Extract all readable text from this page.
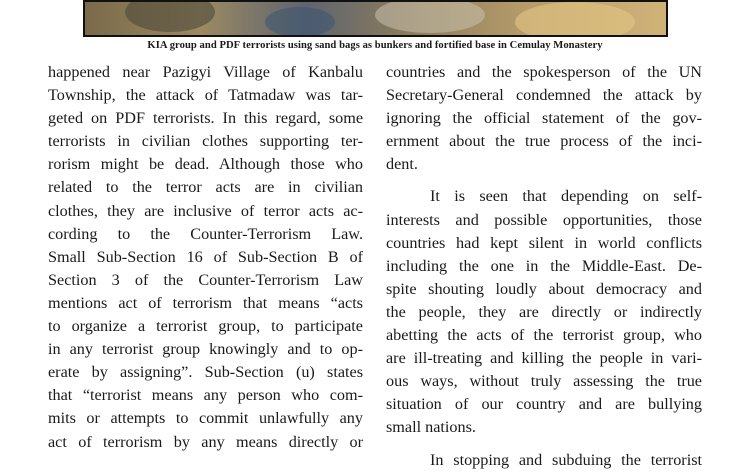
KIA group and PDF terrorists using sand bags as bunkers and fortified base in Cemulay Monastery
happened near Pazigyi Village of Kanbalu
Township, the attack of Tatmadaw was tar-
geted on PDF terrorists. In this regard, some
terrorists in civilian clothes supporting ter-
rorism might be dead. Although those who
related to the terror acts are in civilian
clothes, they are inclusive of terror acts ac-
cording to the Counter-Terrorism Law.
Small Sub-Section 16 of Sub-Section B of
Section 3 of the Counter-Terrorism Law
mentions act of terrorism that means “acts
to organize a terrorist group, to participate
in any terrorist group knowingly and to op-
erate by assigning”. Sub-Section (u) states
that “terrorist means any person who com-
mits or attempts to commit unlawfully any
act of terrorism by any means directly or
countries and the spokesperson of the UN
Secretary-General condemned the attack by
ignoring the official statement of the gov-
ernment about the true process of the inci-
dent.
It is seen that depending on self-
interests and possible opportunities, those
countries had kept silent in world conflicts
including the one in the Middle-East. De-
spite shouting loudly about democracy and
the people, they are directly or indirectly
abetting the acts of the terrorist group, who
are ill-treating and killing the people in vari-
ous ways, without truly assessing the true
situation of our country and are bullying
small nations.
In stopping and subduing the terrorist
